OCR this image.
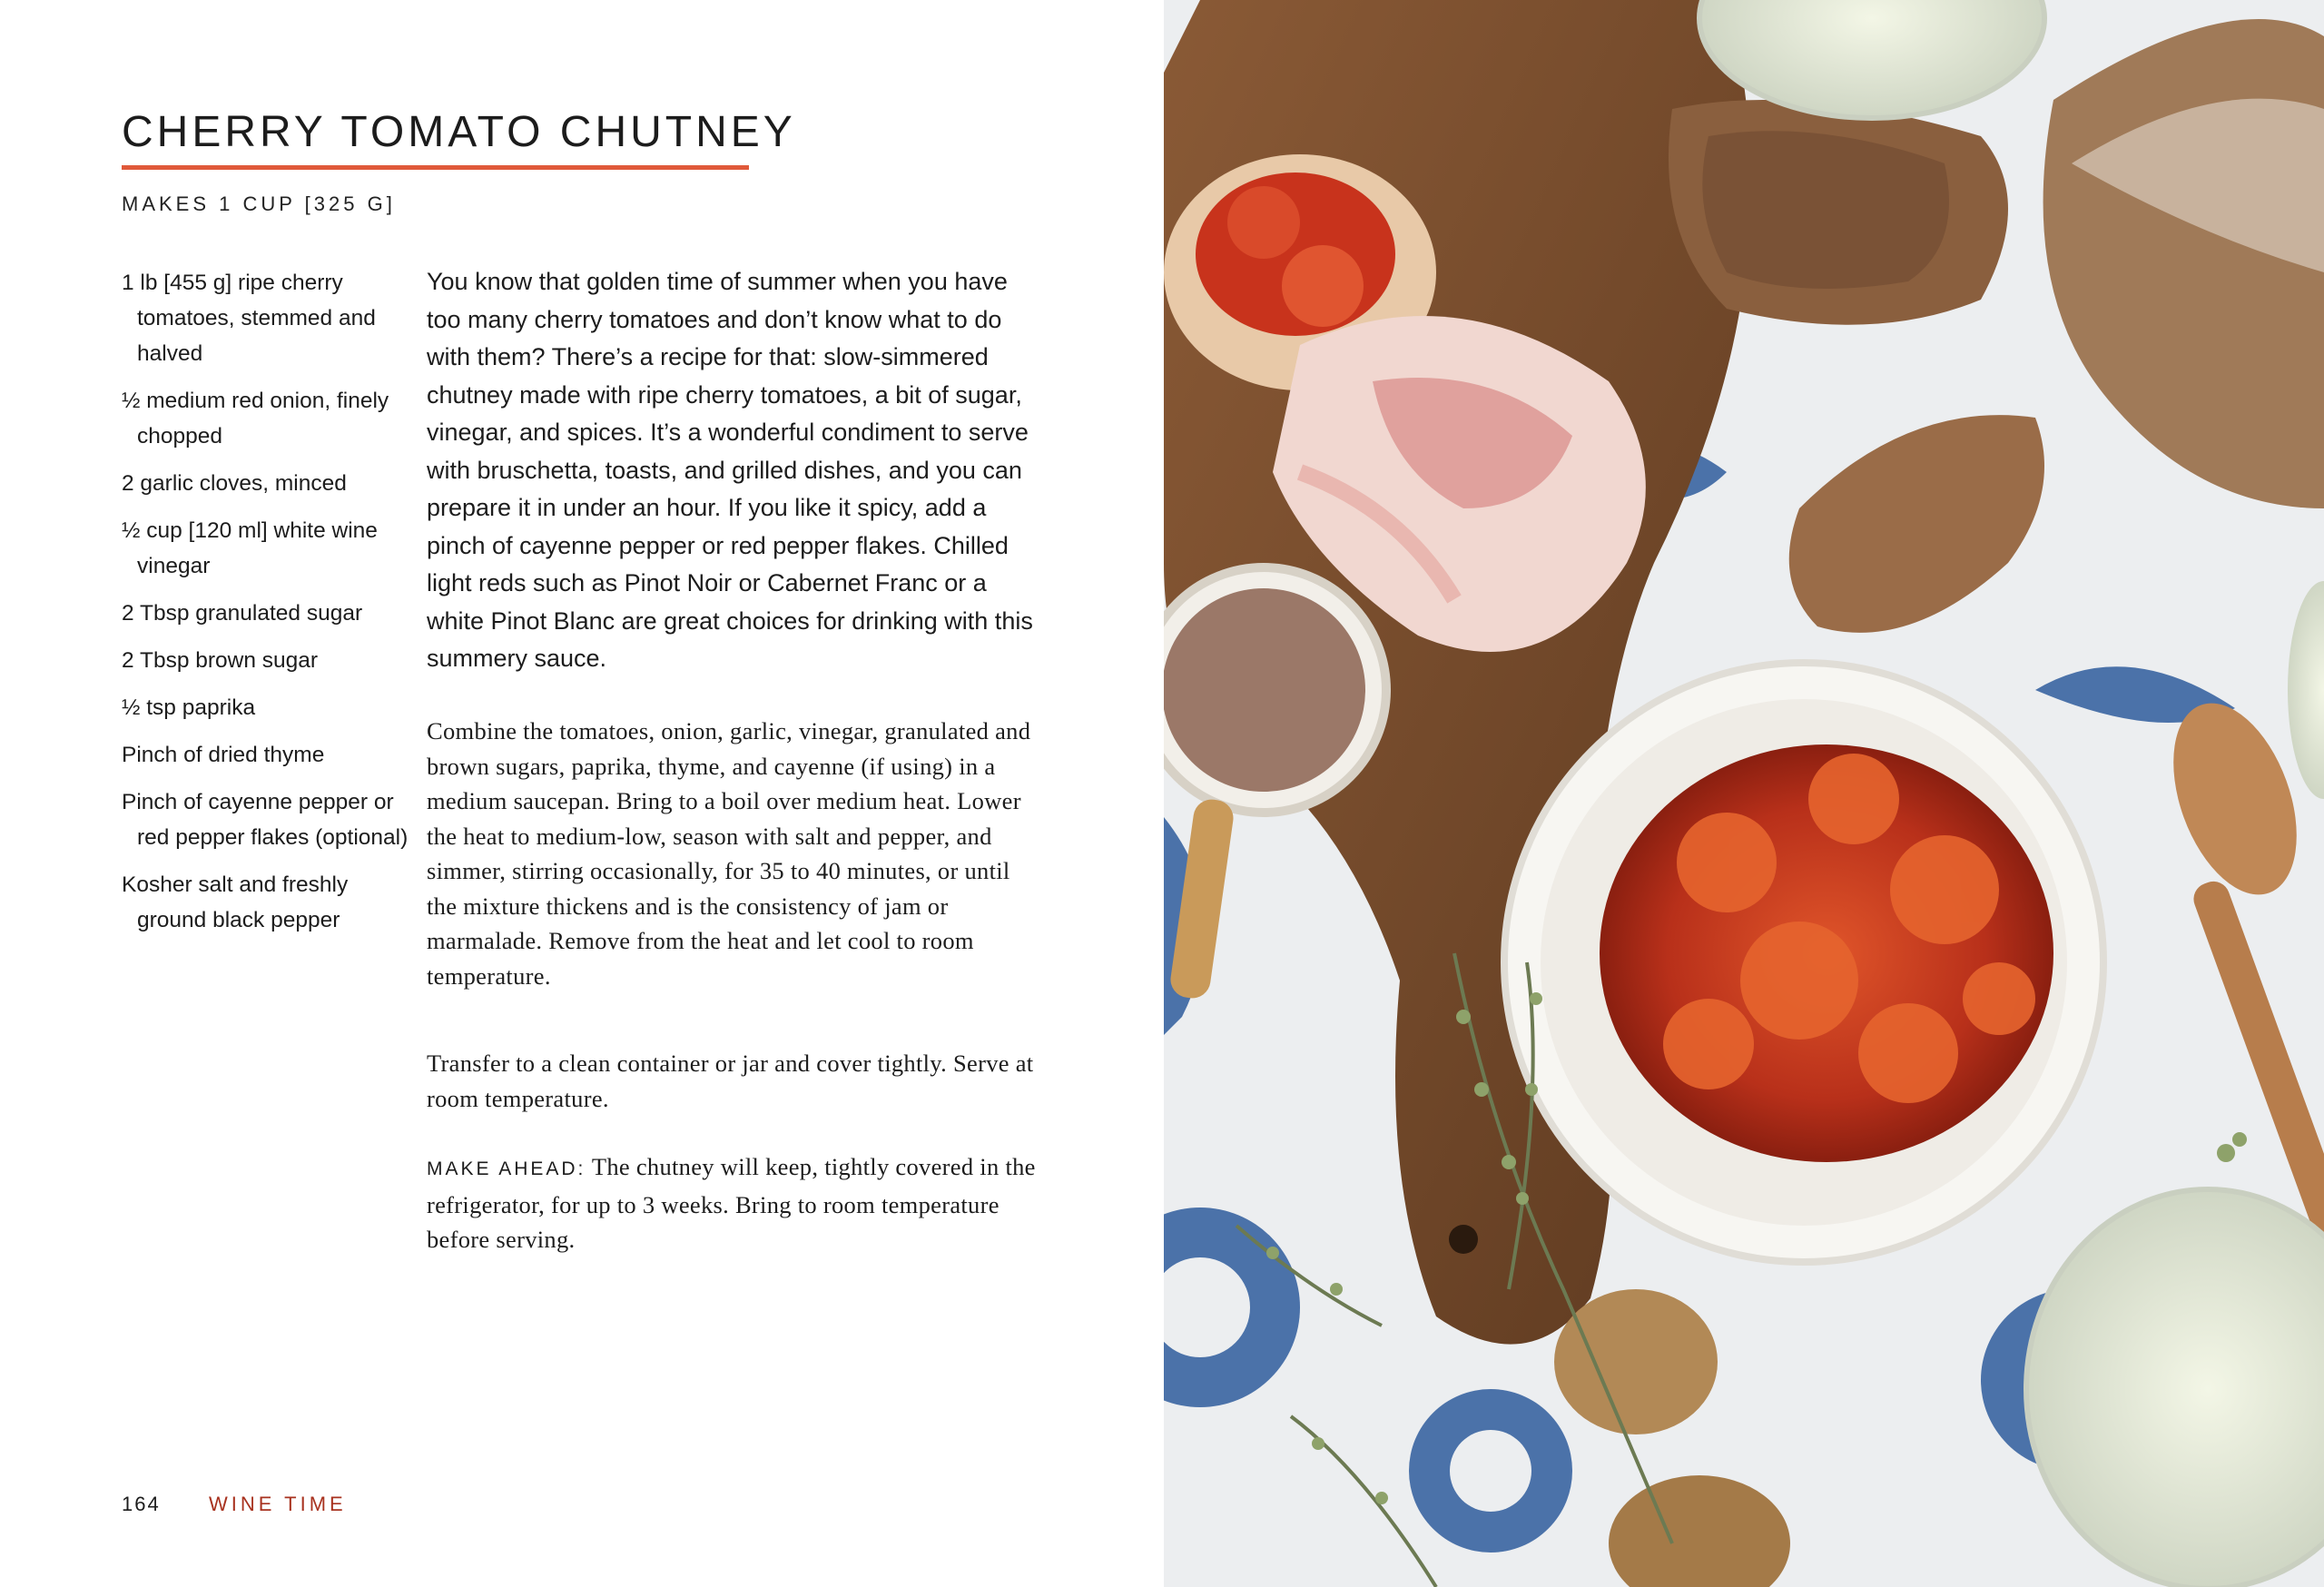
CHERRY TOMATO CHUTNEY
MAKES 1 CUP [325 G]
1 lb [455 g] ripe cherry tomatoes, stemmed and halved
½ medium red onion, finely chopped
2 garlic cloves, minced
½ cup [120 ml] white wine vinegar
2 Tbsp granulated sugar
2 Tbsp brown sugar
½ tsp paprika
Pinch of dried thyme
Pinch of cayenne pepper or red pepper flakes (optional)
Kosher salt and freshly ground black pepper

You know that golden time of summer when you have too many cherry tomatoes and don’t know what to do with them? There’s a recipe for that: slow-simmered chutney made with ripe cherry tomatoes, a bit of sugar, vinegar, and spices. It’s a wonderful condiment to serve with bruschetta, toasts, and grilled dishes, and you can prepare it in under an hour. If you like it spicy, add a pinch of cayenne pepper or red pepper flakes. Chilled light reds such as Pinot Noir or Cabernet Franc or a white Pinot Blanc are great choices for drinking with this summery sauce.

Combine the tomatoes, onion, garlic, vinegar, granulated and brown sugars, paprika, thyme, and cayenne (if using) in a medium saucepan. Bring to a boil over medium heat. Lower the heat to medium-low, season with salt and pepper, and simmer, stirring occasionally, for 35 to 40 minutes, or until the mixture thickens and is the consistency of jam or marmalade. Remove from the heat and let cool to room temperature.

Transfer to a clean container or jar and cover tightly. Serve at room temperature.

MAKE AHEAD: The chutney will keep, tightly covered in the refrigerator, for up to 3 weeks. Bring to room temperature before serving.

164 WINE TIME
